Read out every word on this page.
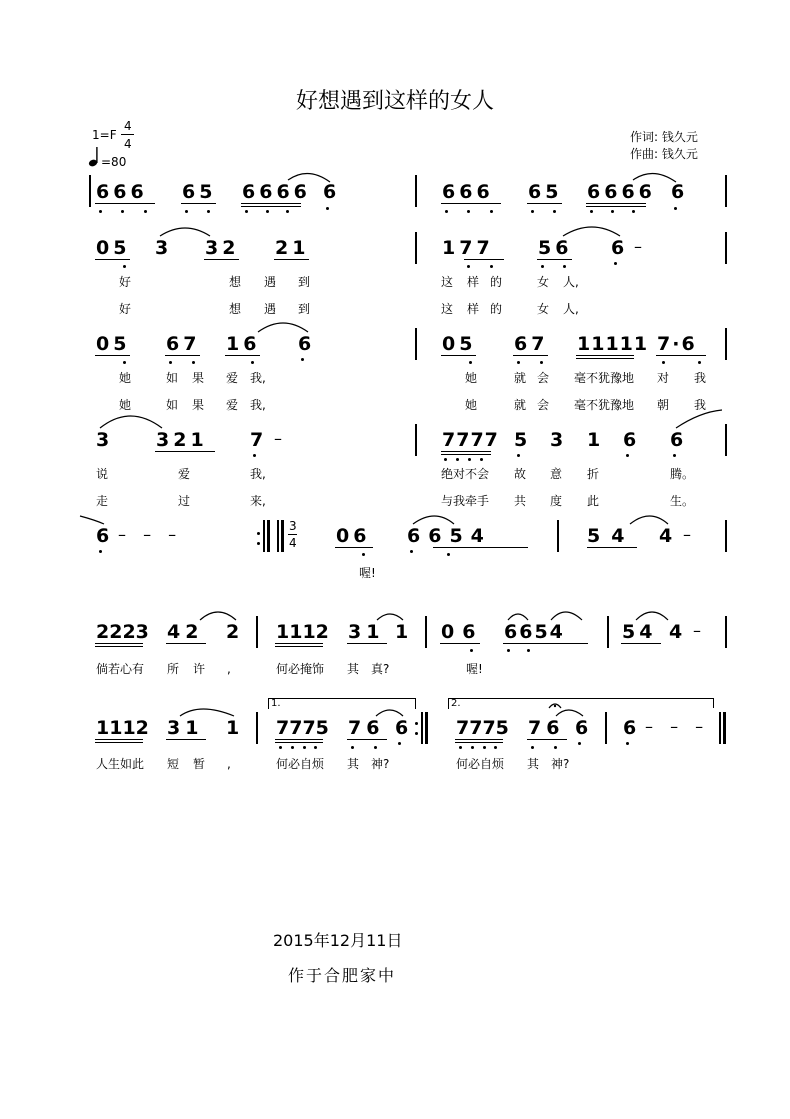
好想遇到这样的女人
1=F
4
4
=80
作词: 钱久元
作曲: 钱久元
666 65 6666 6	666 65 6666 6
05 3 32 21	177 56 6 –
好	想 遇 到	这 样 的	女 人,
好	想 遇 到	这 样 的	女 人,
05 67 16 6	05 67 11111 7·6
她	如 果 爱 我,	她	就 会 毫不犹豫地 对 我
她	如 果 爱 我,	她	就 会 毫不犹豫地 朝 我
3 321 7 –	7777 5 3 1 6 6
说	爱	我,	绝对不会 故 意 折	腾。
走	过	来,	与我牵手 共 度 此	生。
6 – – –	3
4 06 6654	54 4 –
喔!
2223 42 2 1112 31 1 06 6654	54 4 –
倘若心有 所 许 ,	何必掩饰 其 真?	喔!
1112 31 1
1.
7775 76 6
2.
7775 76 6 6 – – –
人生如此 短 暂 ,	何必自烦 其 神?	何必自烦 其 神?
2015年12月11日
作于合肥家中
